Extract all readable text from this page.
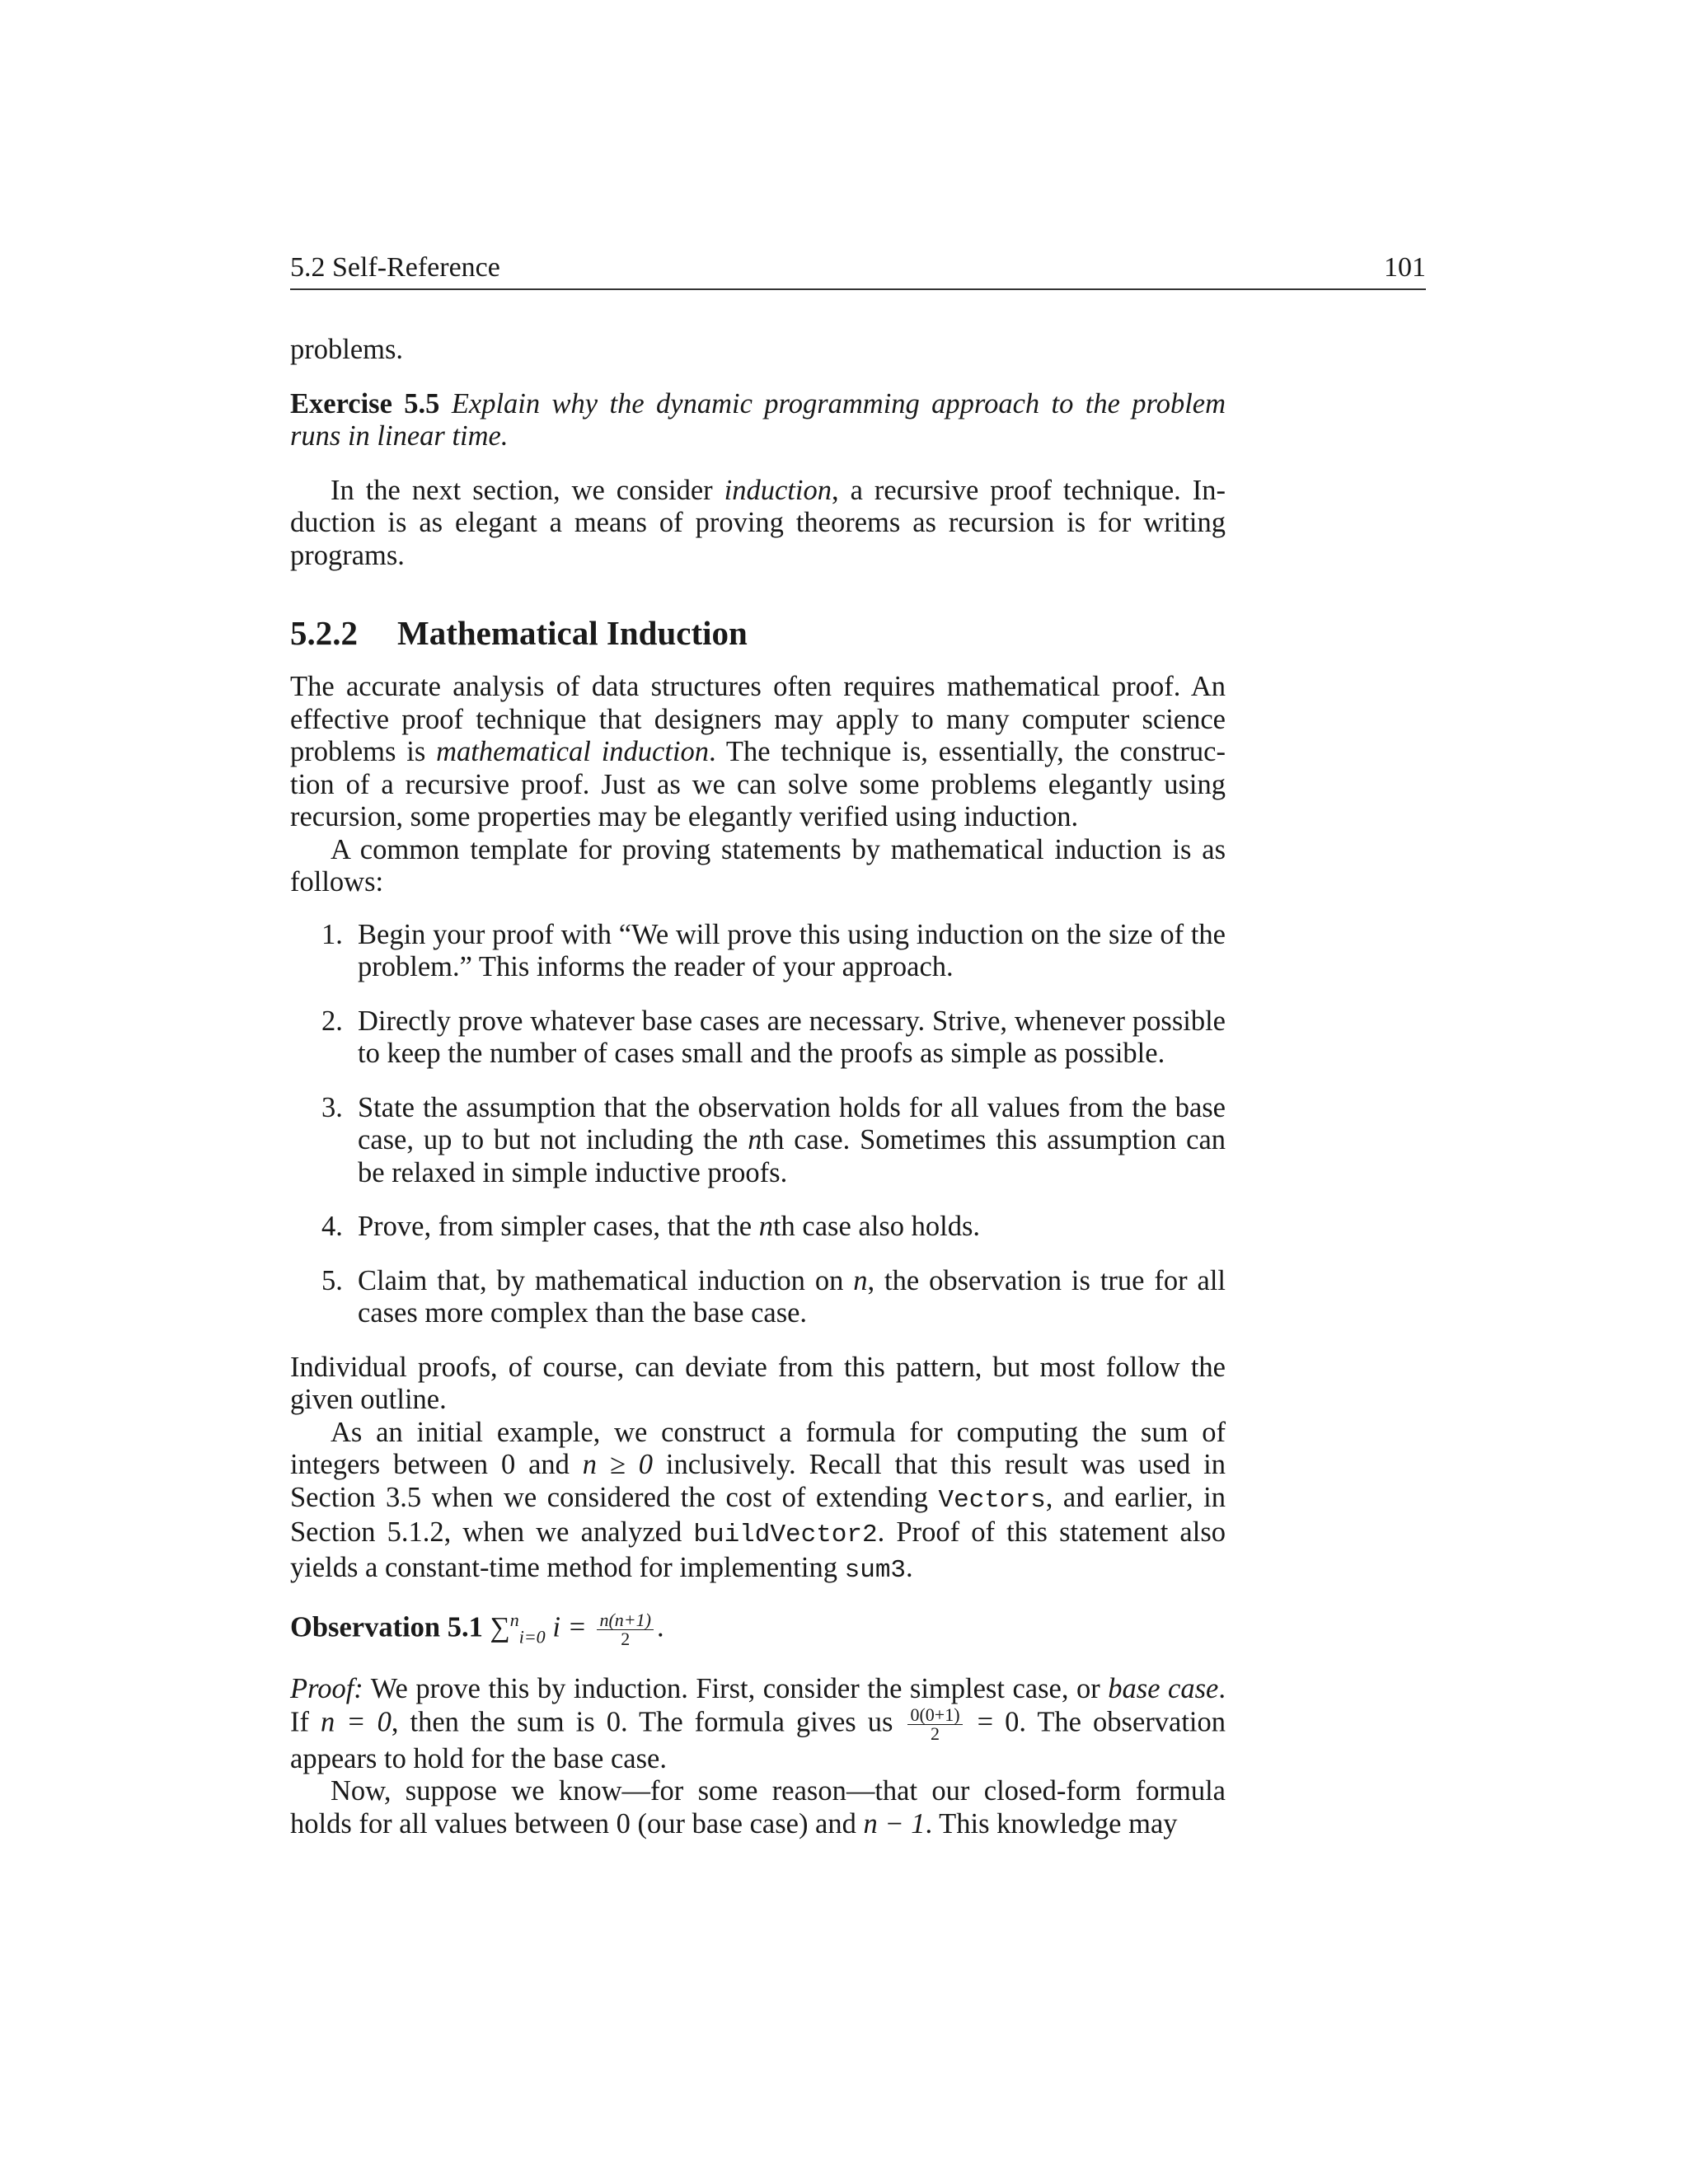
5.2 Self-Reference	101

problems.

Exercise 5.5 Explain why the dynamic programming approach to the problem runs in linear time.

In the next section, we consider induction, a recursive proof technique. Induction is as elegant a means of proving theorems as recursion is for writing programs.

5.2.2 Mathematical Induction

The accurate analysis of data structures often requires mathematical proof. An effective proof technique that designers may apply to many computer science problems is mathematical induction. The technique is, essentially, the construction of a recursive proof. Just as we can solve some problems elegantly using recursion, some properties may be elegantly verified using induction.

A common template for proving statements by mathematical induction is as follows:

1. Begin your proof with “We will prove this using induction on the size of the problem.” This informs the reader of your approach.
2. Directly prove whatever base cases are necessary. Strive, whenever possible to keep the number of cases small and the proofs as simple as possible.
3. State the assumption that the observation holds for all values from the base case, up to but not including the nth case. Sometimes this assumption can be relaxed in simple inductive proofs.
4. Prove, from simpler cases, that the nth case also holds.
5. Claim that, by mathematical induction on n, the observation is true for all cases more complex than the base case.

Individual proofs, of course, can deviate from this pattern, but most follow the given outline.

As an initial example, we construct a formula for computing the sum of integers between 0 and n ≥ 0 inclusively. Recall that this result was used in Section 3.5 when we considered the cost of extending Vectors, and earlier, in Section 5.1.2, when we analyzed buildVector2. Proof of this statement also yields a constant-time method for implementing sum3.

Observation 5.1 ∑$^n_{i=0}$ $i = \frac{n(n+1)}{2}$ .

Proof: We prove this by induction. First, consider the simplest case, or base case. If n = 0, then the sum is 0. The formula gives us $\frac{0(0+1)}{2} = 0$. The observation appears to hold for the base case.

Now, suppose we know—for some reason—that our closed-form formula holds for all values between 0 (our base case) and n − 1. This knowledge may
